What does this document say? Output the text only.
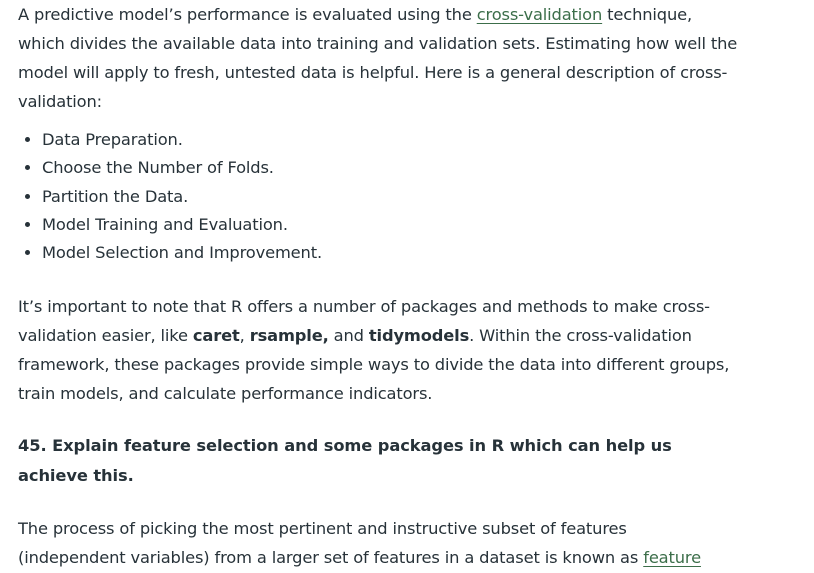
A predictive model’s performance is evaluated using the cross-validation technique, which divides the available data into training and validation sets. Estimating how well the model will apply to fresh, untested data is helpful. Here is a general description of cross-validation:

• Data Preparation.
• Choose the Number of Folds.
• Partition the Data.
• Model Training and Evaluation.
• Model Selection and Improvement.

It’s important to note that R offers a number of packages and methods to make cross-validation easier, like caret, rsample, and tidymodels. Within the cross-validation framework, these packages provide simple ways to divide the data into different groups, train models, and calculate performance indicators.

45. Explain feature selection and some packages in R which can help us achieve this.

The process of picking the most pertinent and instructive subset of features (independent variables) from a larger set of features in a dataset is known as feature
